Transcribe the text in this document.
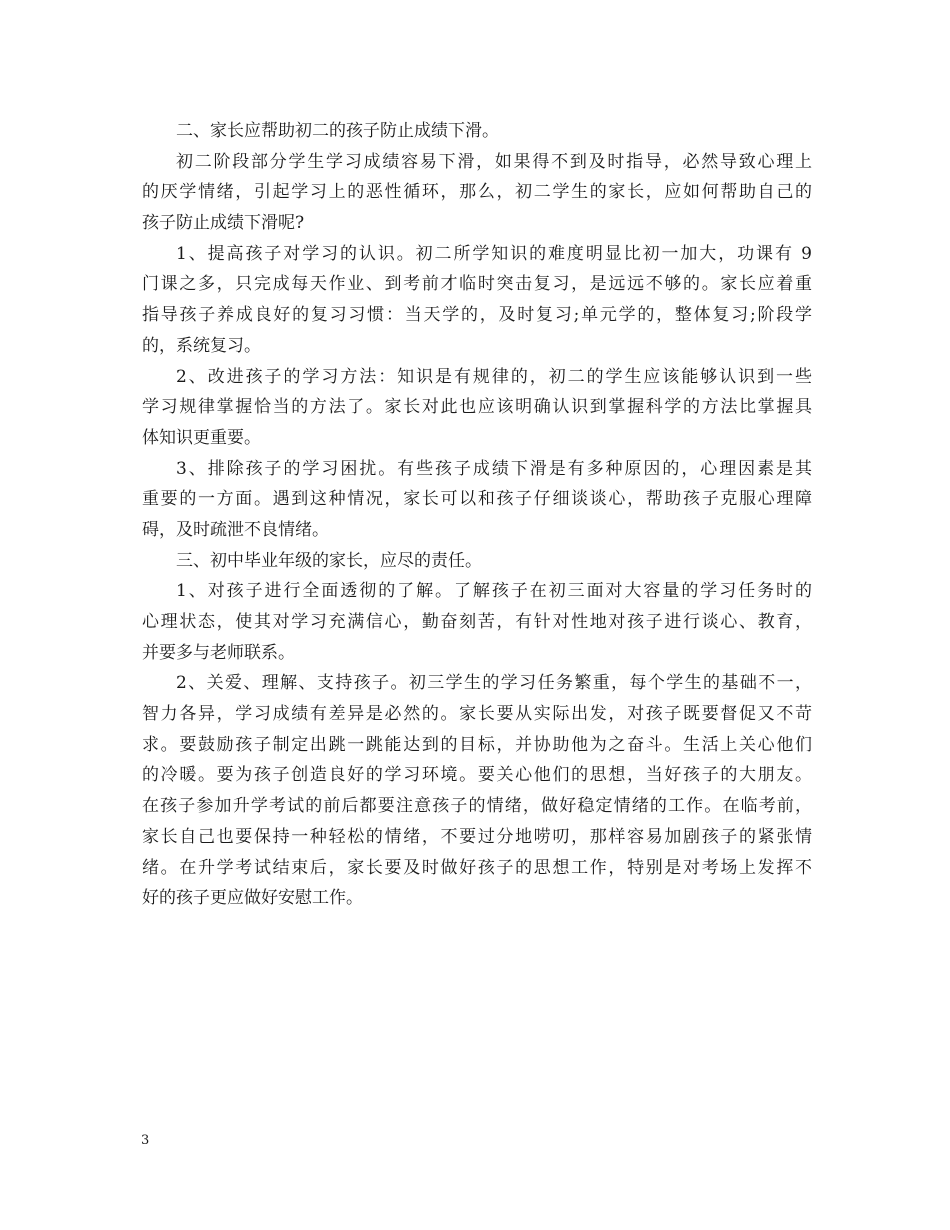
二、家长应帮助初二的孩子防止成绩下滑。
初二阶段部分学生学习成绩容易下滑，如果得不到及时指导，必然导致心理上
的厌学情绪，引起学习上的恶性循环，那么，初二学生的家长，应如何帮助自己的
孩子防止成绩下滑呢?
1、提高孩子对学习的认识。初二所学知识的难度明显比初一加大，功课有 9
门课之多，只完成每天作业、到考前才临时突击复习，是远远不够的。家长应着重
指导孩子养成良好的复习习惯：当天学的，及时复习;单元学的，整体复习;阶段学
的，系统复习。
2、改进孩子的学习方法：知识是有规律的，初二的学生应该能够认识到一些
学习规律掌握恰当的方法了。家长对此也应该明确认识到掌握科学的方法比掌握具
体知识更重要。
3、排除孩子的学习困扰。有些孩子成绩下滑是有多种原因的，心理因素是其
重要的一方面。遇到这种情况，家长可以和孩子仔细谈谈心，帮助孩子克服心理障
碍，及时疏泄不良情绪。
三、初中毕业年级的家长，应尽的责任。
1、对孩子进行全面透彻的了解。了解孩子在初三面对大容量的学习任务时的
心理状态，使其对学习充满信心，勤奋刻苦，有针对性地对孩子进行谈心、教育，
并要多与老师联系。
2、关爱、理解、支持孩子。初三学生的学习任务繁重，每个学生的基础不一，
智力各异，学习成绩有差异是必然的。家长要从实际出发，对孩子既要督促又不苛
求。要鼓励孩子制定出跳一跳能达到的目标，并协助他为之奋斗。生活上关心他们
的冷暖。要为孩子创造良好的学习环境。要关心他们的思想，当好孩子的大朋友。
在孩子参加升学考试的前后都要注意孩子的情绪，做好稳定情绪的工作。在临考前，
家长自己也要保持一种轻松的情绪，不要过分地唠叨，那样容易加剧孩子的紧张情
绪。在升学考试结束后，家长要及时做好孩子的思想工作，特别是对考场上发挥不
好的孩子更应做好安慰工作。
3
